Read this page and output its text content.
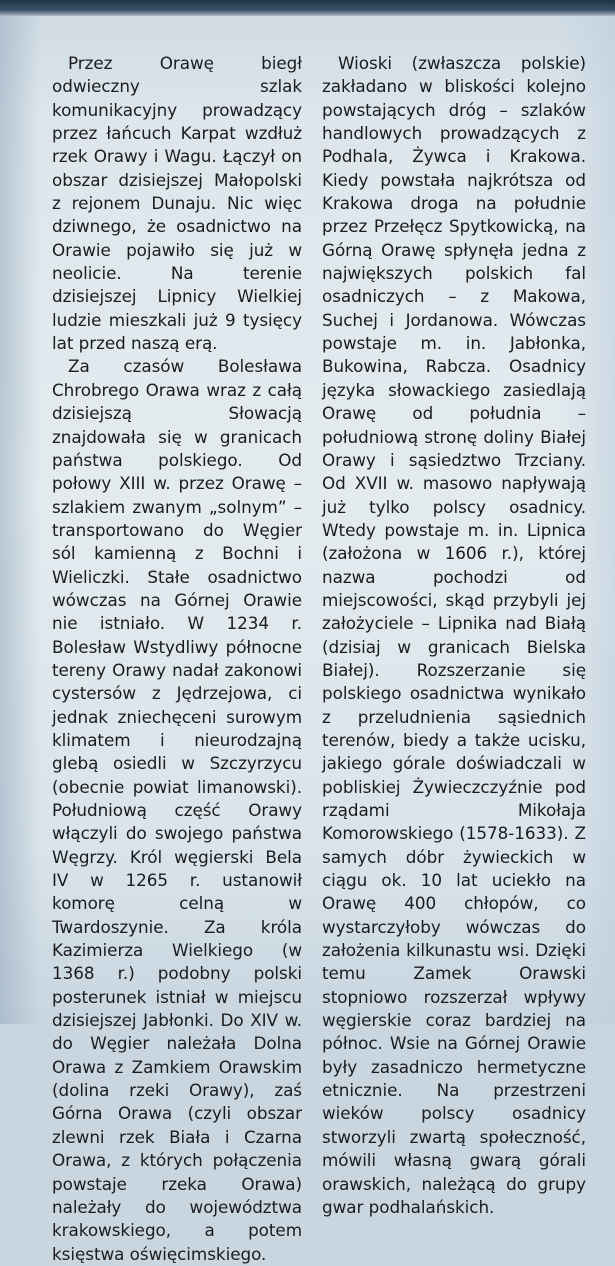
Przez Orawę biegł odwieczny szlak komunikacyjny prowadzący przez łańcuch Karpat wzdłuż rzek Orawy i Wagu. Łączył on obszar dzisiejszej Małopolski z rejonem Dunaju. Nic więc dziwnego, że osadnictwo na Orawie pojawiło się już w neolicie. Na terenie dzisiejszej Lipnicy Wielkiej ludzie mieszkali już 9 tysięcy lat przed naszą erą.

Za czasów Bolesława Chrobrego Orawa wraz z całą dzisiejszą Słowacją znajdowała się w granicach państwa polskiego. Od połowy XIII w. przez Orawę – szlakiem zwanym „solnym” – transportowano do Węgier sól kamienną z Bochni i Wieliczki. Stałe osadnictwo wówczas na Górnej Orawie nie istniało. W 1234 r. Bolesław Wstydliwy północne tereny Orawy nadał zakonowi cystersów z Jędrzejowa, ci jednak zniechęceni surowym klimatem i nieurodzajną glebą osiedli w Szczyrzycu (obecnie powiat limanowski). Południową część Orawy włączyli do swojego państwa Węgrzy. Król węgierski Bela IV w 1265 r. ustanowił komorę celną w Twardoszynie. Za króla Kazimierza Wielkiego (w 1368 r.) podobny polski posterunek istniał w miejscu dzisiejszej Jabłonki. Do XIV w. do Węgier należała Dolna Orawa z Zamkiem Orawskim (dolina rzeki Orawy), zaś Górna Orawa (czyli obszar zlewni rzek Biała i Czarna Orawa, z których połączenia powstaje rzeka Orawa) należały do województwa krakowskiego, a potem księstwa oświęcimskiego.

Wioski (zwłaszcza polskie) zakładano w bliskości kolejno powstających dróg – szlaków handlowych prowadzących z Podhala, Żywca i Krakowa. Kiedy powstała najkrótsza od Krakowa droga na południe przez Przełęcz Spytkowicką, na Górną Orawę spłynęła jedna z największych polskich fal osadniczych – z Makowa, Suchej i Jordanowa. Wówczas powstaje m. in. Jabłonka, Bukowina, Rabcza. Osadnicy języka słowackiego zasiedlają Orawę od południa – południową stronę doliny Białej Orawy i sąsiedztwo Trzciany. Od XVII w. masowo napływają już tylko polscy osadnicy. Wtedy powstaje m. in. Lipnica (założona w 1606 r.), której nazwa pochodzi od miejscowości, skąd przybyli jej założyciele – Lipnika nad Białą (dzisiaj w granicach Bielska Białej). Rozszerzanie się polskiego osadnictwa wynikało z przeludnienia sąsiednich terenów, biedy a także ucisku, jakiego górale doświadczali w pobliskiej Żywieczczyźnie pod rządami Mikołaja Komorowskiego (1578-1633). Z samych dóbr żywieckich w ciągu ok. 10 lat uciekło na Orawę 400 chłopów, co wystarczyłoby wówczas do założenia kilkunastu wsi. Dzięki temu Zamek Orawski stopniowo rozszerzał wpływy węgierskie coraz bardziej na północ. Wsie na Górnej Orawie były zasadniczo hermetyczne etnicznie. Na przestrzeni wieków polscy osadnicy stworzyli zwartą społeczność, mówili własną gwarą górali orawskich, należącą do grupy gwar podhalańskich.
